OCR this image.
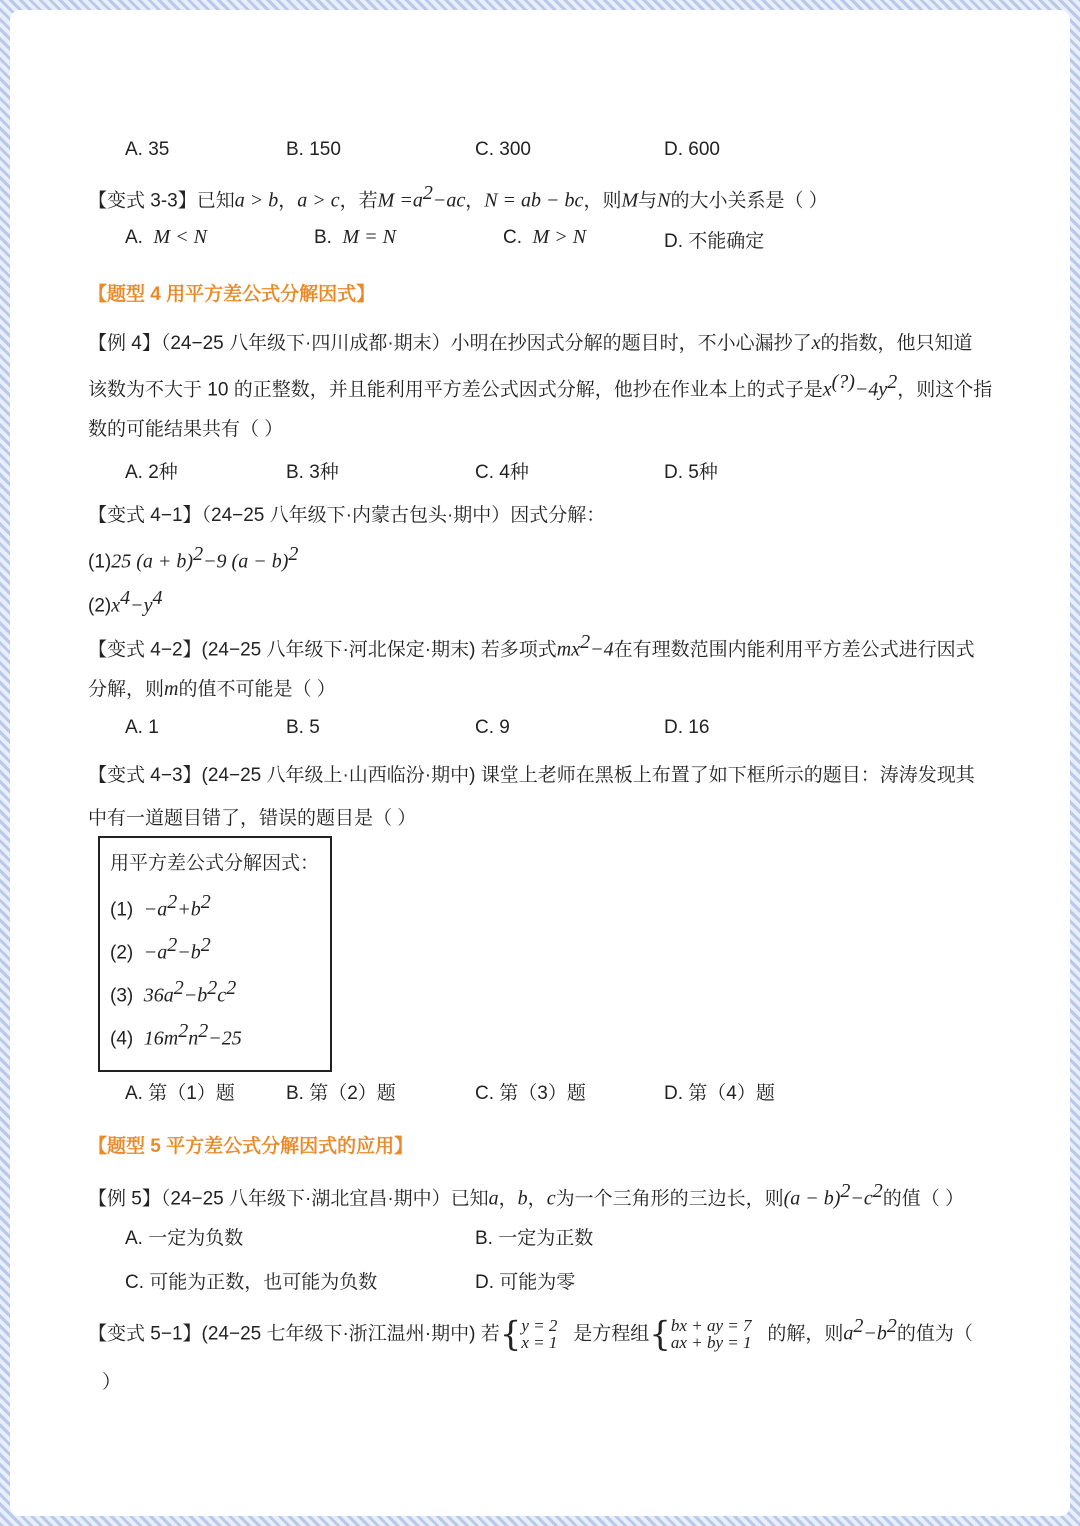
A. 35	B. 150	C. 300	D. 600
【变式 3-3】已知a > b，a > c，若$M =a^2-ac$，N = ab − bc，则M与N的大小关系是（ ）
A. M < N	B. M = N	C. M > N	D. 不能确定
【题型 4 用平方差公式分解因式】
【例 4】（24−25 八年级下·四川成都·期末）小明在抄因式分解的题目时，不小心漏抄了x的指数，他只知道
该数为不大于 10 的正整数，并且能利用平方差公式因式分解，他抄在作业本上的式子是$x^{(?)}-4y^2$，则这个指
数的可能结果共有（ ）
A. 2种	B. 3种	C. 4种	D. 5种
【变式 4−1】（24−25 八年级下·内蒙古包头·期中）因式分解：
(1)25 $(a + b)^2-9$ $(a - b)^2$
$(2)x^4-y^4$
【变式 4−2】(24−25 八年级下·河北保定·期末) 若多项式$mx^2-4$在有理数范围内能利用平方差公式进行因式
分解，则m的值不可能是（ ）
A. 1	B. 5	C. 9	D. 16
【变式 4−3】(24−25 八年级上·山西临汾·期中) 课堂上老师在黑板上布置了如下框所示的题目：涛涛发现其
中有一道题目错了，错误的题目是（ ）
用平方差公式分解因式：
$(1) -a^2+b^2$
$(2) -a^2-b^2$
(3) $36a^2-b^2c^2$
(4) $16m^2n^2-25$
A. 第（1）题	B. 第（2）题	C. 第（3）题	D. 第（4）题
【题型 5 平方差公式分解因式的应用】
【例 5】（24−25 八年级下·湖北宜昌·期中）已知a，b，c为一个三角形的三边长，则$(a - b)^2-c^2$的值（ ）
A. 一定为负数	B. 一定为正数
C. 可能为正数，也可能为负数	D. 可能为零
【变式 5−1】(24−25 七年级下·浙江温州·期中) 若{y = 2
x = 1 是方程组{bx + ay = 7
ax + by = 1 的解，则$a^2-b^2$的值为（
）
